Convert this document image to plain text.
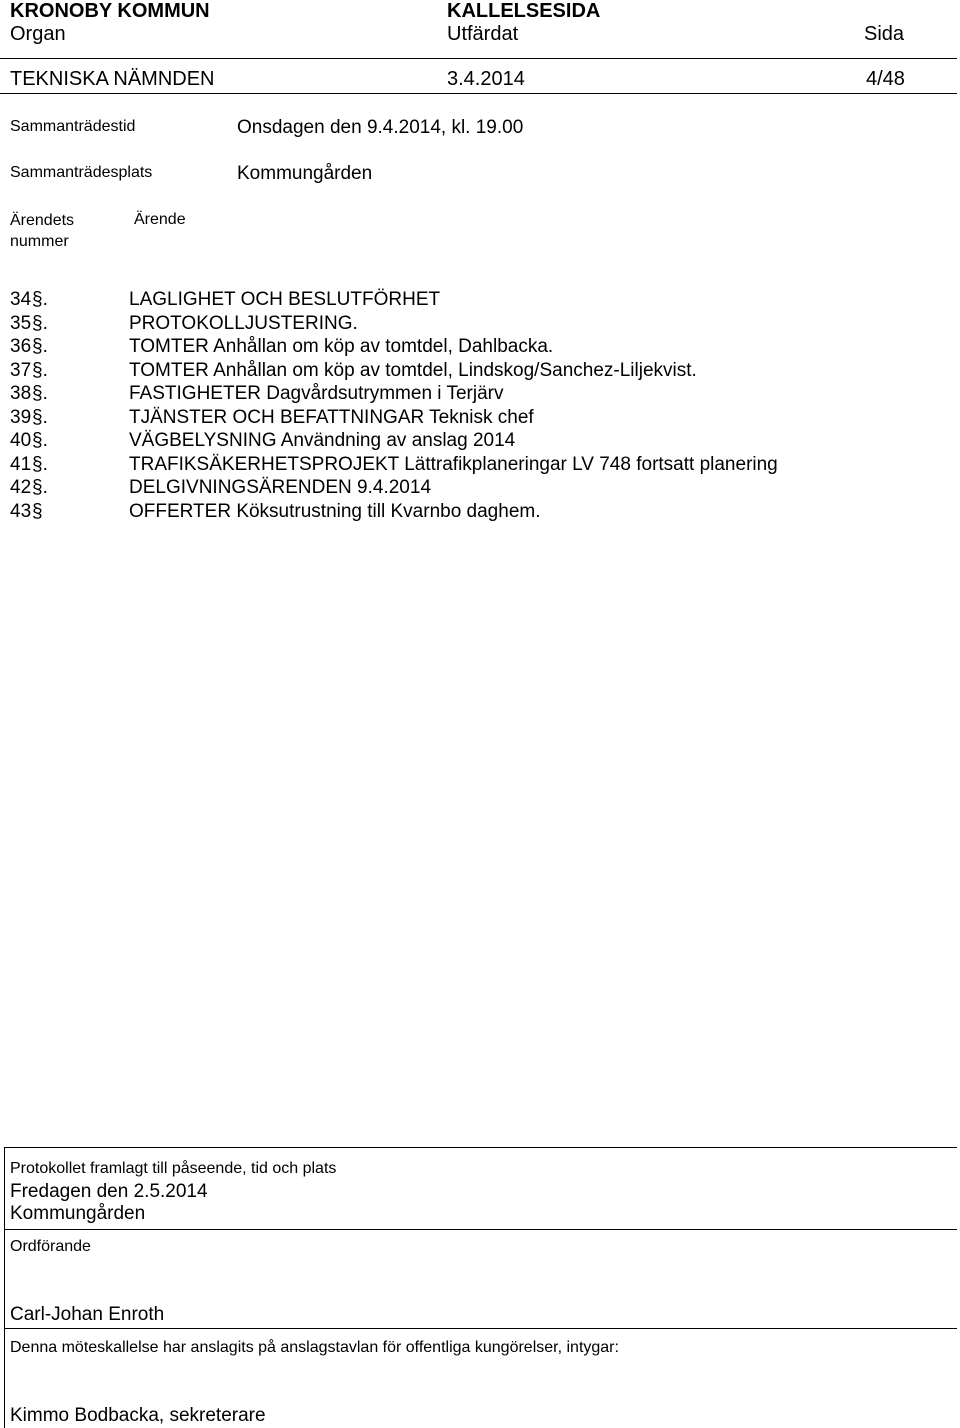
KRONOBY KOMMUN	KALLELSESIDA
Organ	Utfärdat	Sida
TEKNISKA NÄMNDEN	3.4.2014	4/48
Sammanträdestid	Onsdagen den 9.4.2014, kl. 19.00
Sammanträdesplats	Kommungården
Ärendets nummer
Ärende
34 §.	LAGLIGHET OCH BESLUTFÖRHET
35 §.	PROTOKOLLJUSTERING.
36 §.	TOMTER Anhållan om köp av tomtdel, Dahlbacka.
37 §.	TOMTER Anhållan om köp av tomtdel, Lindskog/Sanchez-Liljekvist.
38 §.	FASTIGHETER Dagvårdsutrymmen i Terjärv
39 §.	TJÄNSTER OCH BEFATTNINGAR Teknisk chef
40 §.	VÄGBELYSNING Användning av anslag 2014
41 §.	TRAFIKSÄKERHETSPROJEKT Lättrafikplaneringar LV 748 fortsatt planering
42 §.	DELGIVNINGSÄRENDEN 9.4.2014
43 §	OFFERTER Köksutrustning till Kvarnbo daghem.
Protokollet framlagt till påseende, tid och plats
Fredagen den 2.5.2014
Kommungården
Ordförande
Carl-Johan Enroth
Denna möteskallelse har anslagits på anslagstavlan för offentliga kungörelser, intygar:
Kimmo Bodbacka, sekreterare
